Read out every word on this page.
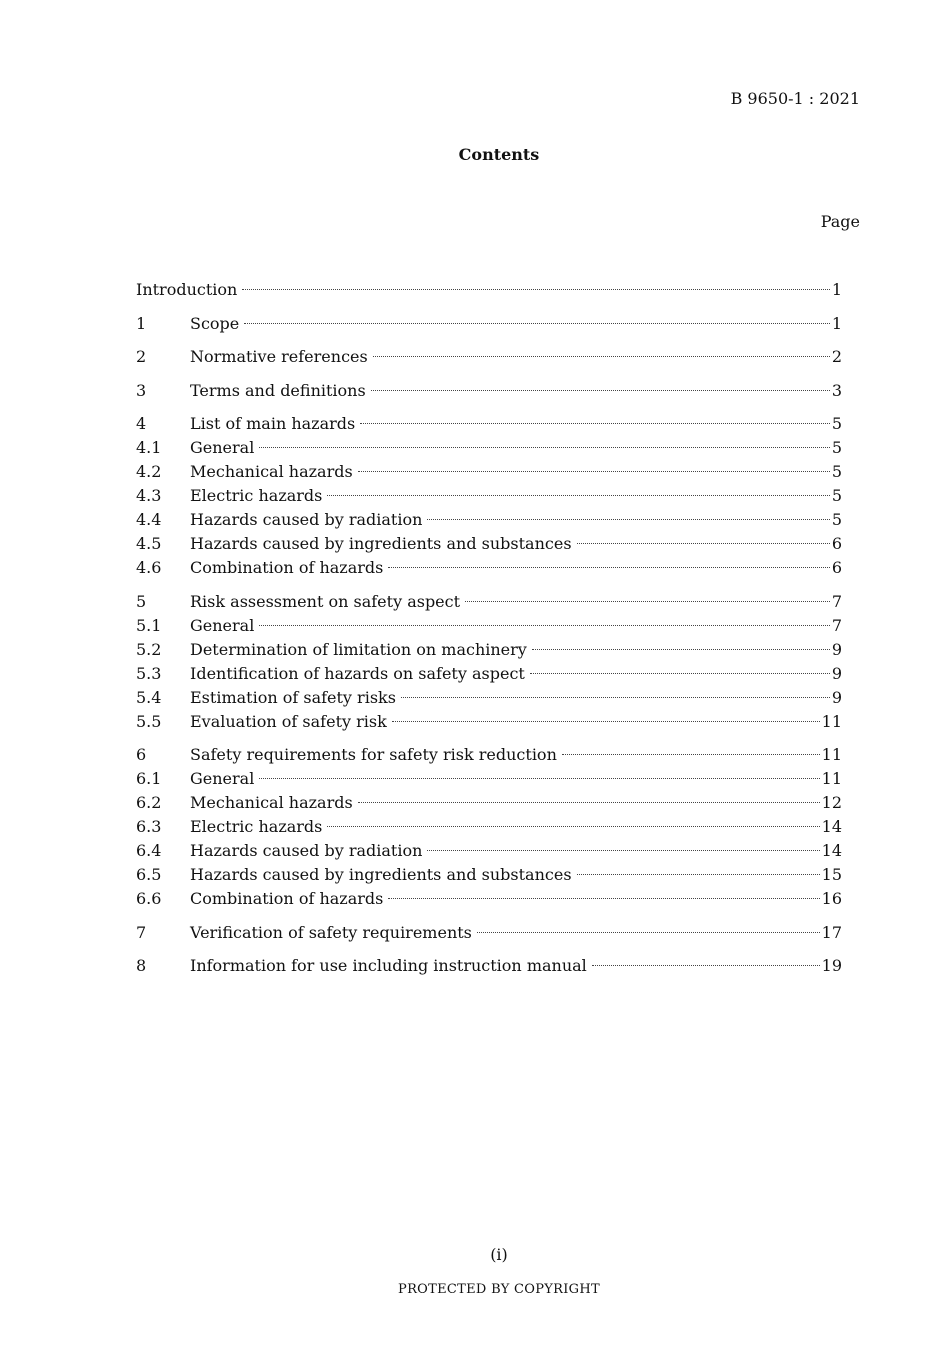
B 9650-1 : 2021
Contents
Page
Introduction	1
1	Scope	1
2	Normative references	2
3	Terms and definitions	3
4	List of main hazards	5
4.1 General	5
4.2 Mechanical hazards	5
4.3 Electric hazards	5
4.4 Hazards caused by radiation	5
4.5 Hazards caused by ingredients and substances	6
4.6 Combination of hazards	6
5	Risk assessment on safety aspect	7
5.1 General	7
5.2 Determination of limitation on machinery	9
5.3 Identification of hazards on safety aspect	9
5.4 Estimation of safety risks	9
5.5 Evaluation of safety risk	11
6	Safety requirements for safety risk reduction	11
6.1 General	11
6.2 Mechanical hazards	12
6.3 Electric hazards	14
6.4 Hazards caused by radiation	14
6.5 Hazards caused by ingredients and substances	15
6.6 Combination of hazards	16
7	Verification of safety requirements	17
8	Information for use including instruction manual	19
(i)
PROTECTED BY COPYRIGHT
